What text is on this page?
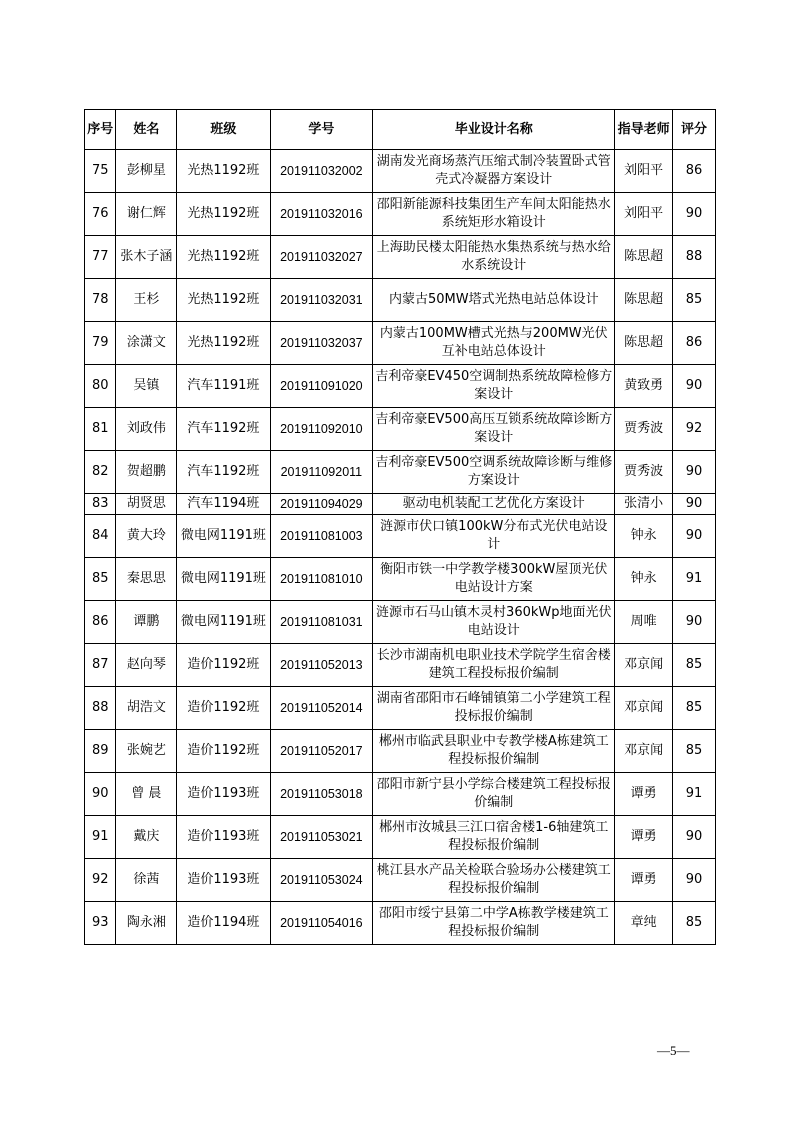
序号	姓名	班级	学号	毕业设计名称	指导老师	评分
75	彭柳星	光热1192班	201911032002	湖南发光商场蒸汽压缩式制冷装置卧式管壳式冷凝器方案设计	刘阳平	86
76	谢仁辉	光热1192班	201911032016	邵阳新能源科技集团生产车间太阳能热水系统矩形水箱设计	刘阳平	90
77	张木子涵	光热1192班	201911032027	上海助民楼太阳能热水集热系统与热水给水系统设计	陈思超	88
78	王杉	光热1192班	201911032031	内蒙古50MW塔式光热电站总体设计	陈思超	85
79	涂潇文	光热1192班	201911032037	内蒙古100MW槽式光热与200MW光伏互补电站总体设计	陈思超	86
80	吴镇	汽车1191班	201911091020	吉利帝豪EV450空调制热系统故障检修方案设计	黄致勇	90
81	刘政伟	汽车1192班	201911092010	吉利帝豪EV500高压互锁系统故障诊断方案设计	贾秀波	92
82	贺超鹏	汽车1192班	201911092011	吉利帝豪EV500空调系统故障诊断与维修方案设计	贾秀波	90
83	胡贤思	汽车1194班	201911094029	驱动电机装配工艺优化方案设计	张清小	90
84	黄大玲	微电网1191班	201911081003	涟源市伏口镇100kW分布式光伏电站设计	钟永	90
85	秦思思	微电网1191班	201911081010	衡阳市铁一中学教学楼300kW屋顶光伏电站设计方案	钟永	91
86	谭鹏	微电网1191班	201911081031	涟源市石马山镇木灵村360kWp地面光伏电站设计	周唯	90
87	赵向琴	造价1192班	201911052013	长沙市湖南机电职业技术学院学生宿舍楼建筑工程投标报价编制	邓京闻	85
88	胡浩文	造价1192班	201911052014	湖南省邵阳市石峰铺镇第二小学建筑工程投标报价编制	邓京闻	85
89	张婉艺	造价1192班	201911052017	郴州市临武县职业中专教学楼A栋建筑工程投标报价编制	邓京闻	85
90	曾 晨	造价1193班	201911053018	邵阳市新宁县小学综合楼建筑工程投标报价编制	谭勇	91
91	戴庆	造价1193班	201911053021	郴州市汝城县三江口宿舍楼1-6轴建筑工程投标报价编制	谭勇	90
92	徐茜	造价1193班	201911053024	桃江县水产品关检联合验场办公楼建筑工程投标报价编制	谭勇	90
93	陶永湘	造价1194班	201911054016	邵阳市绥宁县第二中学A栋教学楼建筑工程投标报价编制	章纯	85
—5—
